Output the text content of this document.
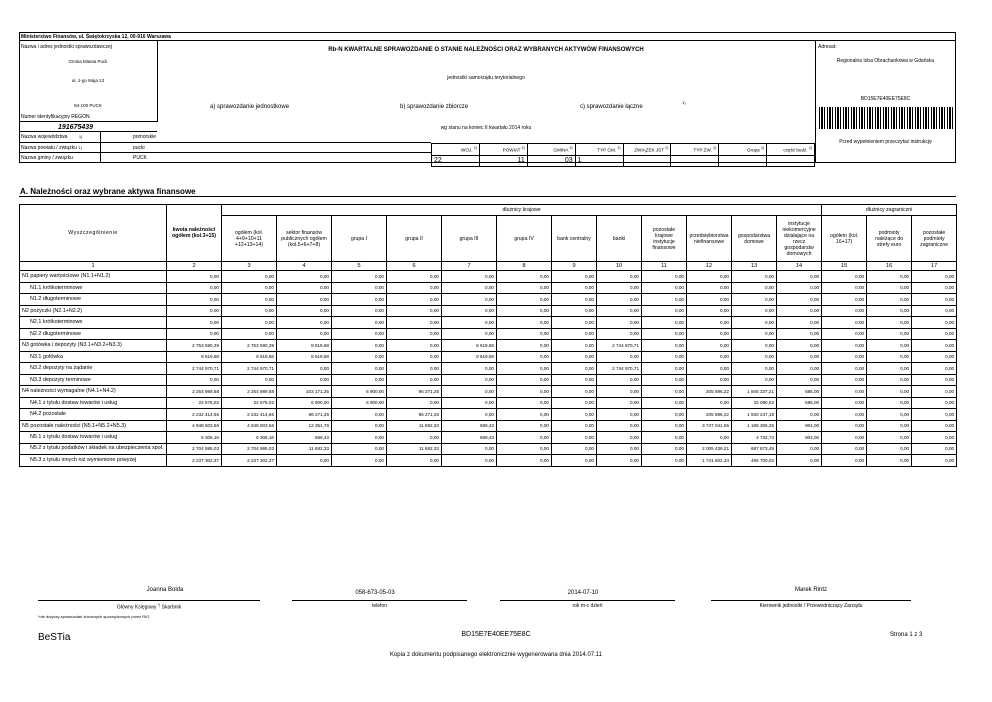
Ministerstwo Finansów, ul. Świętokrzyska 12, 00-916 Warszawa
Nazwa i adres jednostki sprawozdawczej
Gmina Miasta Puck
ul. 1-go Maja 13
84-100 PUCK
Numer identyfikacyjny REGON
191675439
Rb-N KWARTALNE SPRAWOZDANIE O STANIE NALEŻNOŚCI ORAZ WYBRANYCH AKTYWÓW FINANSOWYCH
jednostki samorządu terytorialnego
a) sprawozdanie jednostkowe	b) sprawozdanie zbiorcze	c) sprawozdanie łączne
1)
wg stanu na koniec II kwartału 2014 roku
Adresat:
Regionalna Izba Obrachunkowa w Gdańsku
BD15E7E40EE75E8C
Przed wypełnieniem przeczytać instrukcję
Nazwa województwa	1)	pomorskie
Nazwa powiatu / związku 1)	pucki
Nazwa gminy / związku	PUCK
WOJ. $^{2)}$	POWIAT $^{2)}$	GMINA $^{2)}$	TYP GM. $^{2)}$	ZWIĄZEK JST $^{2)}$	TYP ZW. $^{2)}$	Grupa $^{2)}$	część budż. $^{2)}$
22	11	03	1				
A. Należności oraz wybrane aktywa finansowe
Wyszczególnienie	kwota należności ogółem (kol.3+15)	dłużnicy krajowe												dłużnicy zagraniczni		
		ogółem (kol. 4+9+10+11 +12+13+14)	sektor finansów publicznych ogółem (kol.5+6+7+8)	grupa I	grupa II	grupa III	grupa IV	bank centralny	banki	pozostałe krajowe instytucje finansowe	przedsiębiorstwa niefinansowe	gospodarstwa domowe	instytucje niekomercyjne działające na rzecz gospodarstw domowych	ogółem (kol. 16+17)	podmioty należące do strefy euro	pozostałe podmioty zagraniczne
1	2	3	4	5	6	7	8	9	10	11	12	13	14	15	16	17
N1 papiery wartościowe (N1.1+N1.2)	0,00	0,00	0,00	0,00	0,00	0,00	0,00	0,00	0,00	0,00	0,00	0,00	0,00	0,00	0,00	0,00
N1.1 krótkoterminowe	0,00	0,00	0,00	0,00	0,00	0,00	0,00	0,00	0,00	0,00	0,00	0,00	0,00	0,00	0,00	0,00
N1.2 długoterminowe	0,00	0,00	0,00	0,00	0,00	0,00	0,00	0,00	0,00	0,00	0,00	0,00	0,00	0,00	0,00	0,00
N2 pożyczki (N2.1+N2.2)	0,00	0,00	0,00	0,00	0,00	0,00	0,00	0,00	0,00	0,00	0,00	0,00	0,00	0,00	0,00	0,00
N2.1 krótkoterminowe	0,00	0,00	0,00	0,00	0,00	0,00	0,00	0,00	0,00	0,00	0,00	0,00	0,00	0,00	0,00	0,00
N2.2 długoterminowe	0,00	0,00	0,00	0,00	0,00	0,00	0,00	0,00	0,00	0,00	0,00	0,00	0,00	0,00	0,00	0,00
N3 gotówka i depozyty (N3.1+N3.2+N3.3)	2 753 590,39	2 753 590,39	8 619,68	0,00	0,00	8 619,68	0,00	0,00	2 744 970,71	0,00	0,00	0,00	0,00	0,00	0,00	0,00
N3.1 gotówka	8 619,68	8 619,68	8 619,68	0,00	0,00	8 619,68	0,00	0,00	0,00	0,00	0,00	0,00	0,00	0,00	0,00	0,00
N3.2 depozyty na żądanie	2 744 970,71	2 744 970,71	0,00	0,00	0,00	0,00	0,00	0,00	2 744 970,71	0,00	0,00	0,00	0,00	0,00	0,00	0,00
N3.3 depozyty terminowe	0,00	0,00	0,00	0,00	0,00	0,00	0,00	0,00	0,00	0,00	0,00	0,00	0,00	0,00	0,00	0,00
N4 należności wymagalne (N4.1+N4.2)	2 254 989,68	2 254 989,68	103 171,25	6 900,00	96 271,25	0,00	0,00	0,00	0,00	0,00	205 896,22	1 945 337,21	585,00	0,00	0,00	0,00
N4.1 z tytułu dostaw towarów i usług	22 575,02	22 575,02	6 900,00	6 900,00	0,00	0,00	0,00	0,00	0,00	0,00	0,00	15 090,02	585,00	0,00	0,00	0,00
N4.2 pozostałe	2 232 414,66	2 232 414,66	96 271,25	0,00	96 271,25	0,00	0,00	0,00	0,00	0,00	205 896,22	1 930 247,19	0,00	0,00	0,00	0,00
N5 pozostałe należności (N5.1+N5.2+N5.3)	4 948 603,56	4 948 603,56	12 351,76	0,00	11 682,33	669,43	0,00	0,00	0,00	0,00	3 747 041,55	1 188 306,25	904,00	0,00	0,00	0,00
N5.1 z tytułu dostaw towarów i usług	6 306,16	6 306,16	669,43	0,00	0,00	669,43	0,00	0,00	0,00	0,00	0,00	4 732,73	904,00	0,00	0,00	0,00
N5.2 z tytułu podatków i składek na ubezpieczenia społ.	2 704 995,03	2 704 995,03	11 682,33	0,00	11 682,33	0,00	0,00	0,00	0,00	0,00	2 005 439,21	687 873,49	0,00	0,00	0,00	0,00
N5.3 z tytułu innych niż wymienione powyżej	2 237 302,37	2 237 302,37	0,00	0,00	0,00	0,00	0,00	0,00	0,00	0,00	1 741 602,34	495 700,03	0,00	0,00	0,00	0,00
Joanna Bolda
Główny Księgowy *) Skarbnik
*nie dotyczy sprawozdań zbiorczych sporządzonych przez RIO
058-673-05-03
telefon
2014-07-10
rok m-c dzień
Marek Rintz
Kierownik jednostki / Przewodniczący Zarządu
BeSTia	BD15E7E40EE75E8C	Strona 1 z 3
Kopia z dokumentu podpisanego elektronicznie wygenerowana dnia 2014.07.11
